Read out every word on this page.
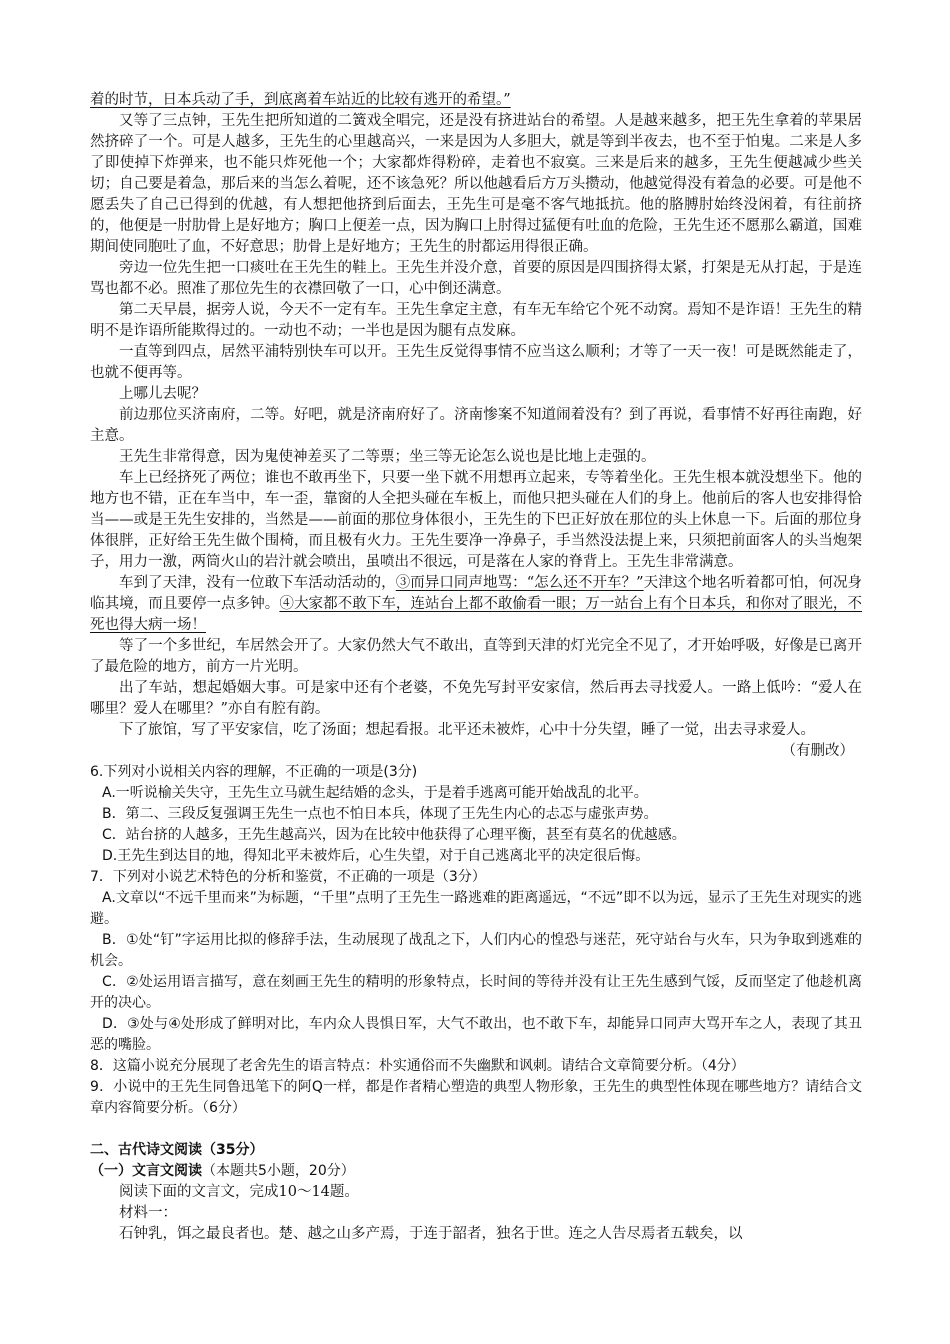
着的时节，日本兵动了手，到底离着车站近的比较有逃开的希望。”

又等了三点钟，王先生把所知道的二簧戏全唱完，还是没有挤进站台的希望。人是越来越多，把王先生拿着的苹果居然挤碎了一个。可是人越多，王先生的心里越高兴，一来是因为人多胆大，就是等到半夜去，也不至于怕鬼。二来是人多了即使掉下炸弹来，也不能只炸死他一个；大家都炸得粉碎，走着也不寂寞。三来是后来的越多，王先生便越减少些关切；自己要是着急，那后来的当怎么着呢，还不该急死？所以他越看后方万头攒动，他越觉得没有着急的必要。可是他不愿丢失了自己已得到的优越，有人想把他挤到后面去，王先生可是毫不客气地抵抗。他的胳膊肘始终没闲着，有往前挤的，他便是一肘肋骨上是好地方；胸口上便差一点，因为胸口上肘得过猛便有吐血的危险，王先生还不愿那么霸道，国难期间使同胞吐了血，不好意思；肋骨上是好地方；王先生的肘都运用得很正确。

旁边一位先生把一口痰吐在王先生的鞋上。王先生并没介意，首要的原因是四围挤得太紧，打架是无从打起，于是连骂也都不必。照准了那位先生的衣襟回敬了一口，心中倒还满意。

第二天早晨，据旁人说，今天不一定有车。王先生拿定主意，有车无车给它个死不动窝。焉知不是诈语！王先生的精明不是诈语所能欺得过的。一动也不动；一半也是因为腿有点发麻。

一直等到四点，居然平浦特别快车可以开。王先生反觉得事情不应当这么顺利；才等了一天一夜！可是既然能走了，也就不便再等。

上哪儿去呢？

前边那位买济南府，二等。好吧，就是济南府好了。济南惨案不知道闹着没有？到了再说，看事情不好再往南跑，好主意。

王先生非常得意，因为鬼使神差买了二等票；坐三等无论怎么说也是比地上走强的。

车上已经挤死了两位；谁也不敢再坐下，只要一坐下就不用想再立起来，专等着坐化。王先生根本就没想坐下。他的地方也不错，正在车当中，车一歪，靠窗的人全把头碰在车板上，而他只把头碰在人们的身上。他前后的客人也安排得恰当——或是王先生安排的，当然是——前面的那位身体很小，王先生的下巴正好放在那位的头上休息一下。后面的那位身体很胖，正好给王先生做个围椅，而且极有火力。王先生要净一净鼻子，手当然没法提上来，只须把前面客人的头当炮架子，用力一激，两筒火山的岩汁就会喷出，虽喷出不很远，可是落在人家的脊背上。王先生非常满意。

车到了天津，没有一位敢下车活动活动的，③而异口同声地骂：“怎么还不开车？”天津这个地名听着都可怕，何况身临其境，而且要停一点多钟。④大家都不敢下车，连站台上都不敢偷看一眼；万一站台上有个日本兵，和你对了眼光，不死也得大病一场！

等了一个多世纪，车居然会开了。大家仍然大气不敢出，直等到天津的灯光完全不见了，才开始呼吸，好像是已离开了最危险的地方，前方一片光明。

出了车站，想起婚姻大事。可是家中还有个老婆，不免先写封平安家信，然后再去寻找爱人。一路上低吟：“爱人在哪里？爱人在哪里？”亦自有腔有韵。

下了旅馆，写了平安家信，吃了汤面；想起看报。北平还未被炸，心中十分失望，睡了一觉，出去寻求爱人。

（有删改）

6.下列对小说相关内容的理解，不正确的一项是(3分)

A.一听说榆关失守，王先生立马就生起结婚的念头，于是着手逃离可能开始战乱的北平。

B．第二、三段反复强调王先生一点也不怕日本兵，体现了王先生内心的忐忑与虚张声势。

C．站台挤的人越多，王先生越高兴，因为在比较中他获得了心理平衡，甚至有莫名的优越感。

D.王先生到达目的地，得知北平未被炸后，心生失望，对于自己逃离北平的决定很后悔。

7．下列对小说艺术特色的分析和鉴赏，不正确的一项是（3分）

A.文章以“不远千里而来”为标题，“千里”点明了王先生一路逃难的距离遥远，“不远”即不以为远，显示了王先生对现实的逃避。

B．①处“钉”字运用比拟的修辞手法，生动展现了战乱之下，人们内心的惶恐与迷茫，死守站台与火车，只为争取到逃难的机会。

C．②处运用语言描写，意在刻画王先生的精明的形象特点，长时间的等待并没有让王先生感到气馁，反而坚定了他趁机离开的决心。

D．③处与④处形成了鲜明对比，车内众人畏惧日军，大气不敢出，也不敢下车，却能异口同声大骂开车之人，表现了其丑恶的嘴脸。

8．这篇小说充分展现了老舍先生的语言特点：朴实通俗而不失幽默和讽刺。请结合文章简要分析。（4分）

9．小说中的王先生同鲁迅笔下的阿Q一样，都是作者精心塑造的典型人物形象，王先生的典型性体现在哪些地方？请结合文章内容简要分析。（6分）

二、古代诗文阅读（35分）

（一）文言文阅读（本题共5小题，20分）

阅读下面的文言文，完成10～14题。

材料一：

石钟乳，饵之最良者也。楚、越之山多产焉，于连于韶者，独名于世。连之人告尽焉者五载矣，以
